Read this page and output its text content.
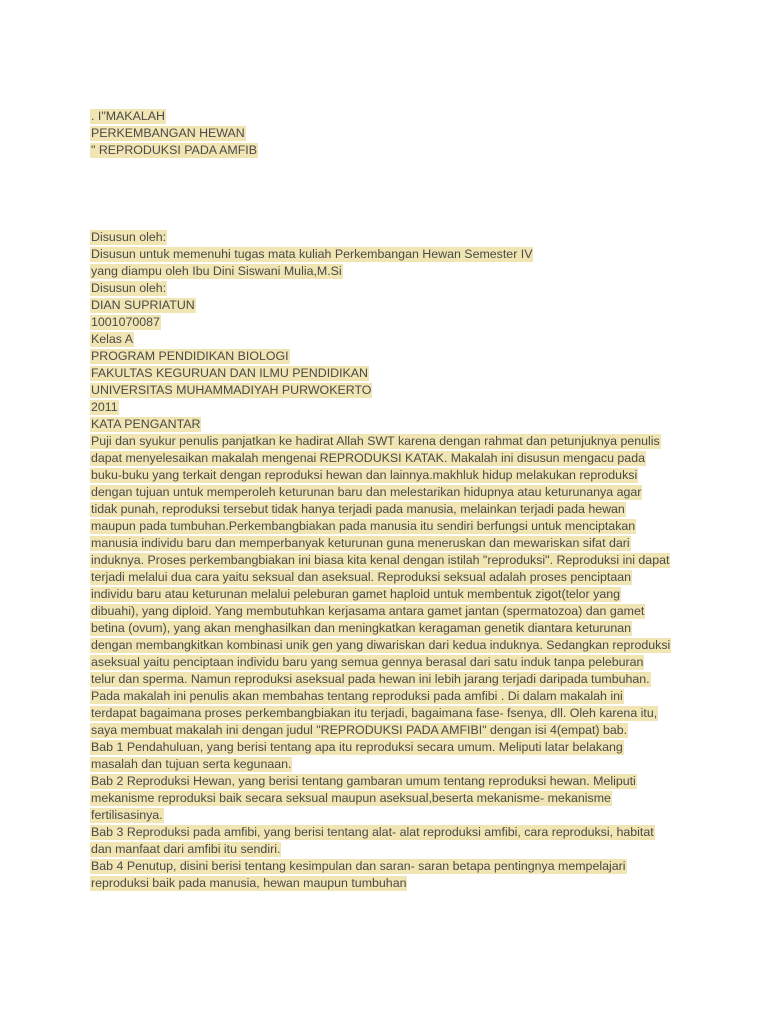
. I"MAKALAH
PERKEMBANGAN HEWAN
" REPRODUKSI PADA AMFIB
Disusun oleh:
Disusun untuk memenuhi tugas mata kuliah Perkembangan Hewan Semester IV
yang diampu oleh Ibu Dini Siswani Mulia,M.Si
Disusun oleh:
DIAN SUPRIATUN
1001070087
Kelas A
PROGRAM PENDIDIKAN BIOLOGI
FAKULTAS KEGURUAN DAN ILMU PENDIDIKAN
UNIVERSITAS MUHAMMADIYAH PURWOKERTO
2011
KATA PENGANTAR
Puji dan syukur penulis panjatkan ke hadirat Allah SWT karena dengan rahmat dan petunjuknya penulis
dapat menyelesaikan makalah mengenai REPRODUKSI KATAK. Makalah ini disusun mengacu pada
buku-buku yang terkait dengan reproduksi hewan dan lainnya.makhluk hidup melakukan reproduksi
dengan tujuan untuk memperoleh keturunan baru dan melestarikan hidupnya atau keturunanya agar
tidak punah, reproduksi tersebut tidak hanya terjadi pada manusia, melainkan terjadi pada hewan
maupun pada tumbuhan.Perkembangbiakan pada manusia itu sendiri berfungsi untuk menciptakan
manusia individu baru dan memperbanyak keturunan guna meneruskan dan mewariskan sifat dari
induknya. Proses perkembangbiakan ini biasa kita kenal dengan istilah "reproduksi". Reproduksi ini dapat
terjadi melalui dua cara yaitu seksual dan aseksual. Reproduksi seksual adalah proses penciptaan
individu baru atau keturunan melalui peleburan gamet haploid untuk membentuk zigot(telor yang
dibuahi), yang diploid. Yang membutuhkan kerjasama antara gamet jantan (spermatozoa) dan gamet
betina (ovum), yang akan menghasilkan dan meningkatkan keragaman genetik diantara keturunan
dengan membangkitkan kombinasi unik gen yang diwariskan dari kedua induknya. Sedangkan reproduksi
aseksual yaitu penciptaan individu baru yang semua gennya berasal dari satu induk tanpa peleburan
telur dan sperma. Namun reproduksi aseksual pada hewan ini lebih jarang terjadi daripada tumbuhan.
Pada makalah ini penulis akan membahas tentang reproduksi pada amfibi . Di dalam makalah ini
terdapat bagaimana proses perkembangbiakan itu terjadi, bagaimana fase- fsenya, dll. Oleh karena itu,
saya membuat makalah ini dengan judul "REPRODUKSI PADA AMFIBI" dengan isi 4(empat) bab.
Bab 1 Pendahuluan, yang berisi tentang apa itu reproduksi secara umum. Meliputi latar belakang
masalah dan tujuan serta kegunaan.
Bab 2 Reproduksi Hewan, yang berisi tentang gambaran umum tentang reproduksi hewan. Meliputi
mekanisme reproduksi baik secara seksual maupun aseksual,beserta mekanisme- mekanisme
fertilisasinya.
Bab 3 Reproduksi pada amfibi, yang berisi tentang alat- alat reproduksi amfibi, cara reproduksi, habitat
dan manfaat dari amfibi itu sendiri.
Bab 4 Penutup, disini berisi tentang kesimpulan dan saran- saran betapa pentingnya mempelajari
reproduksi baik pada manusia, hewan maupun tumbuhan
